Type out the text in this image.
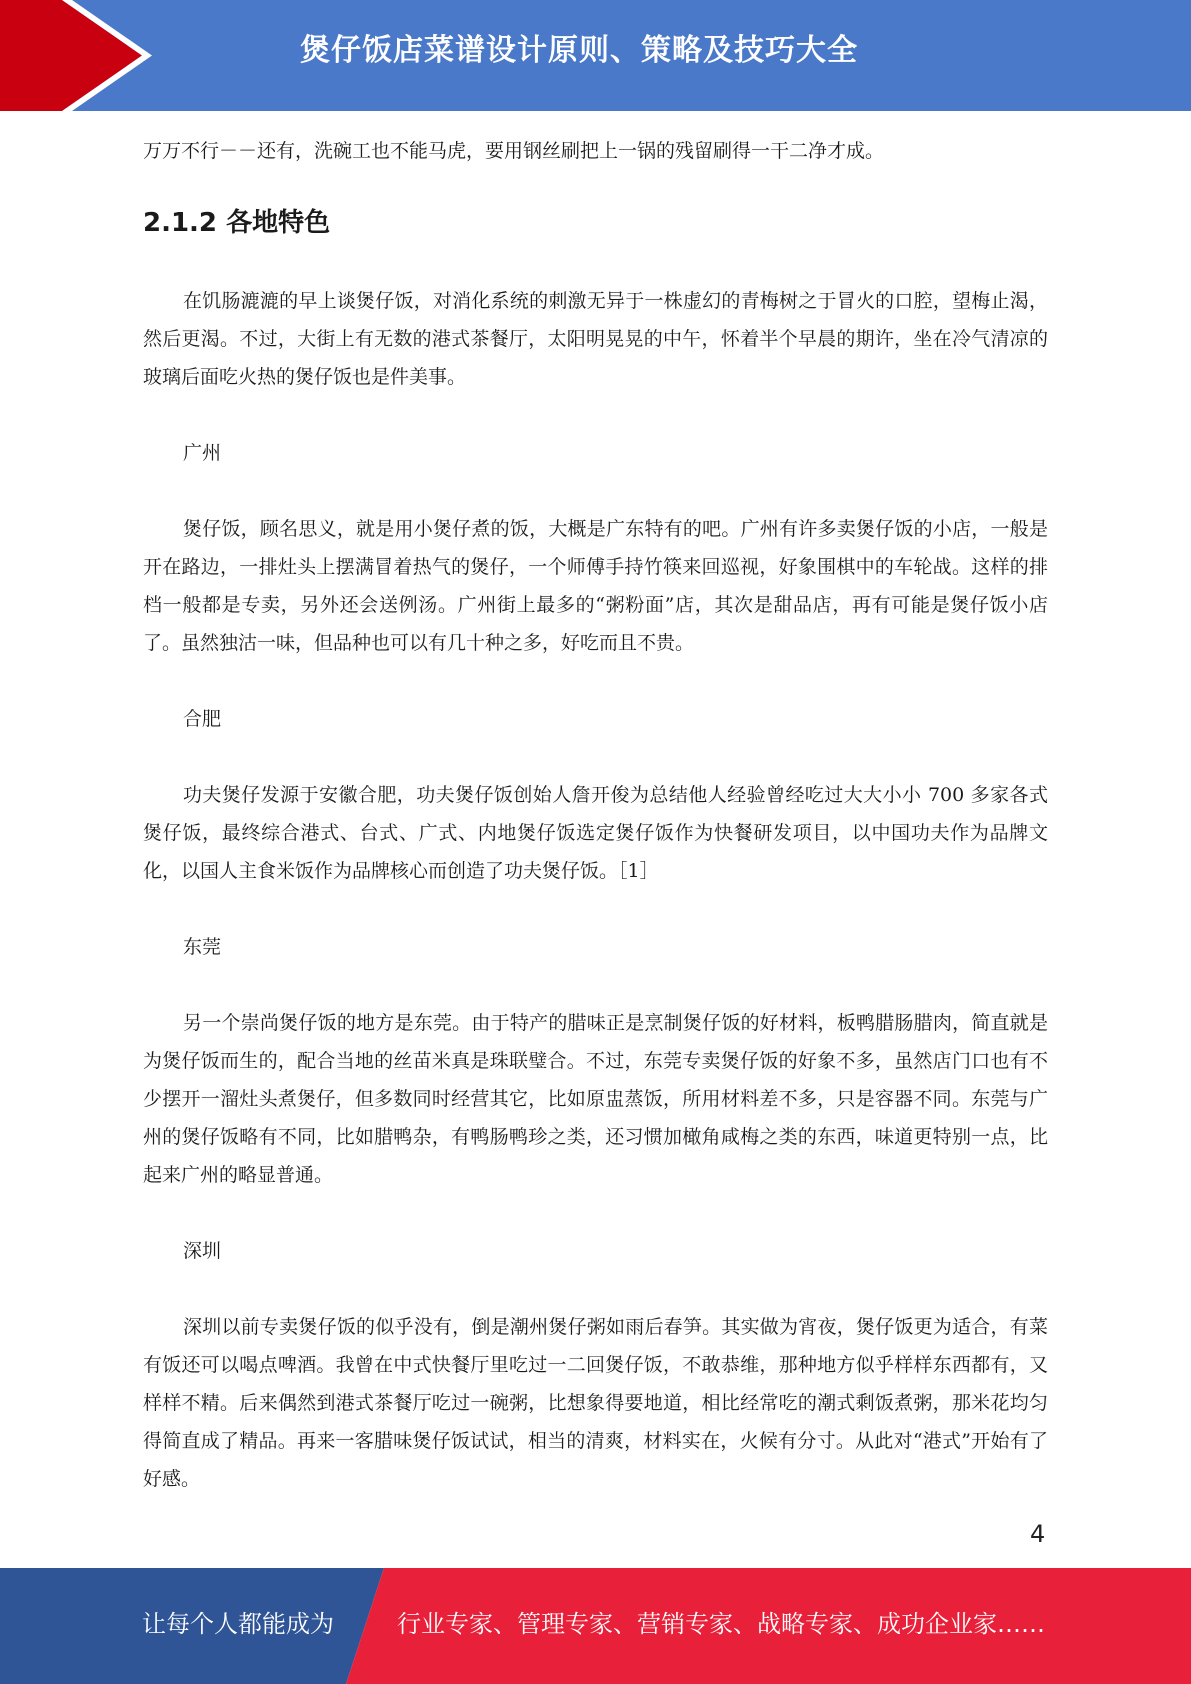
煲仔饭店菜谱设计原则、策略及技巧大全

万万不行－－还有，洗碗工也不能马虎，要用钢丝刷把上一锅的残留刷得一干二净才成。

2.1.2 各地特色

在饥肠漉漉的早上谈煲仔饭，对消化系统的刺激无异于一株虚幻的青梅树之于冒火的口腔，望梅止渴，然后更渴。不过，大街上有无数的港式茶餐厅，太阳明晃晃的中午，怀着半个早晨的期许，坐在冷气清凉的玻璃后面吃火热的煲仔饭也是件美事。

广州

煲仔饭，顾名思义，就是用小煲仔煮的饭，大概是广东特有的吧。广州有许多卖煲仔饭的小店，一般是开在路边，一排灶头上摆满冒着热气的煲仔，一个师傅手持竹筷来回巡视，好象围棋中的车轮战。这样的排档一般都是专卖，另外还会送例汤。广州街上最多的“粥粉面”店，其次是甜品店，再有可能是煲仔饭小店了。虽然独沽一味，但品种也可以有几十种之多，好吃而且不贵。

合肥

功夫煲仔发源于安徽合肥，功夫煲仔饭创始人詹开俊为总结他人经验曾经吃过大大小小 700 多家各式煲仔饭，最终综合港式、台式、广式、内地煲仔饭选定煲仔饭作为快餐研发项目，以中国功夫作为品牌文化，以国人主食米饭作为品牌核心而创造了功夫煲仔饭。［1］

东莞

另一个崇尚煲仔饭的地方是东莞。由于特产的腊味正是烹制煲仔饭的好材料，板鸭腊肠腊肉，简直就是为煲仔饭而生的，配合当地的丝苗米真是珠联璧合。不过，东莞专卖煲仔饭的好象不多，虽然店门口也有不少摆开一溜灶头煮煲仔，但多数同时经营其它，比如原盅蒸饭，所用材料差不多，只是容器不同。东莞与广州的煲仔饭略有不同，比如腊鸭杂，有鸭肠鸭珍之类，还习惯加橄角咸梅之类的东西，味道更特别一点，比起来广州的略显普通。

深圳

深圳以前专卖煲仔饭的似乎没有，倒是潮州煲仔粥如雨后春笋。其实做为宵夜，煲仔饭更为适合，有菜有饭还可以喝点啤酒。我曾在中式快餐厅里吃过一二回煲仔饭，不敢恭维，那种地方似乎样样东西都有，又样样不精。后来偶然到港式茶餐厅吃过一碗粥，比想象得要地道，相比经常吃的潮式剩饭煮粥，那米花均匀得简直成了精品。再来一客腊味煲仔饭试试，相当的清爽，材料实在，火候有分寸。从此对“港式”开始有了好感。

4
让每个人都能成为	行业专家、管理专家、营销专家、战略专家、成功企业家……
